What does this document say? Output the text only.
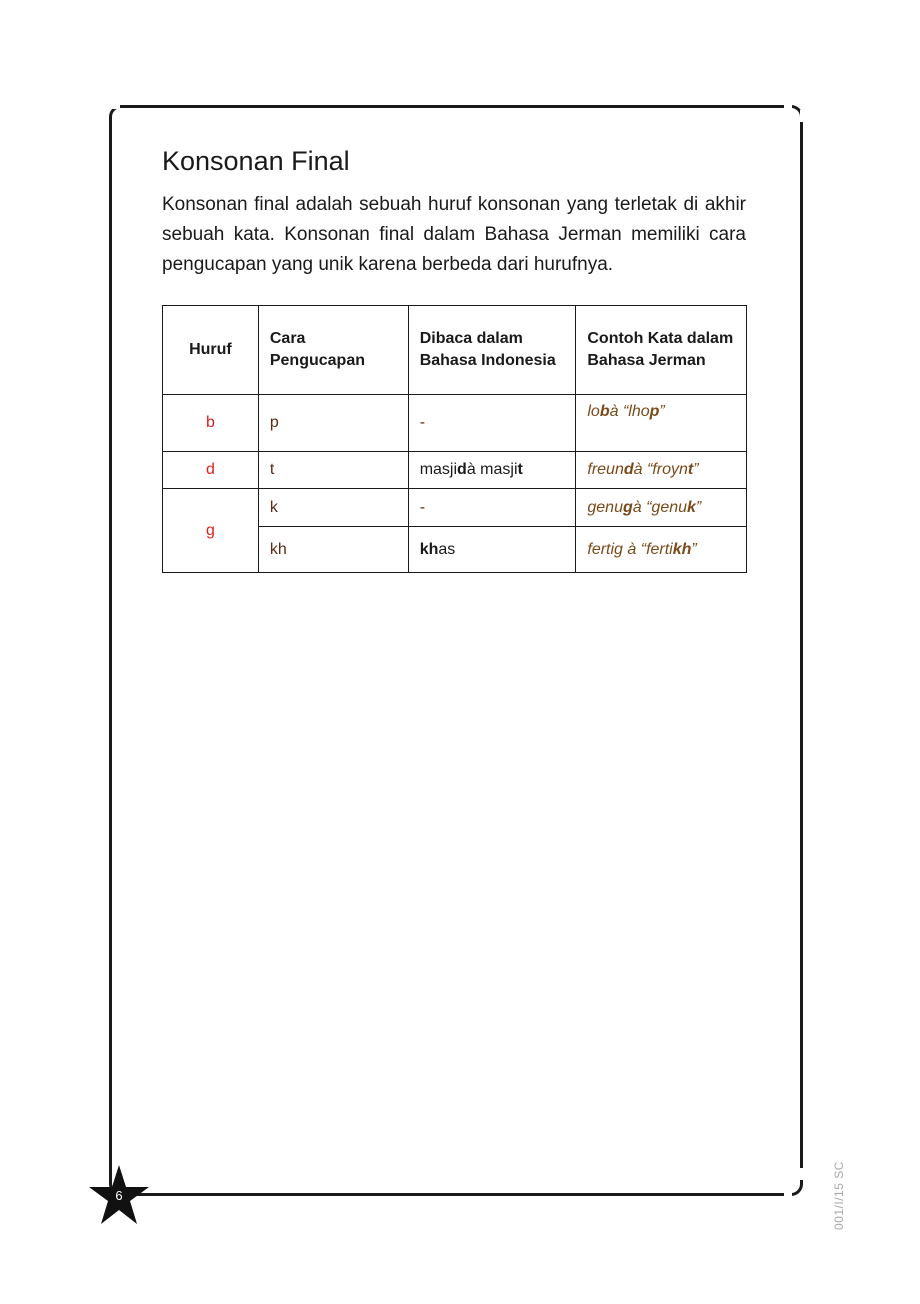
Konsonan Final
Konsonan final adalah sebuah huruf konsonan yang terletak di akhir sebuah kata. Konsonan final dalam Bahasa Jerman memiliki cara pengucapan yang unik karena berbeda dari hurufnya.
Huruf	Cara Pengucapan	Dibaca dalam Bahasa Indonesia	Contoh Kata dalam Bahasa Jerman
b	p	-	lobà “lhop”
d	t	masjidà masjit	freundà “froynt”
g	k	-	genugà “genuk”
	kh	khas	fertig à “fertikh”
6	001/I/15 SC
